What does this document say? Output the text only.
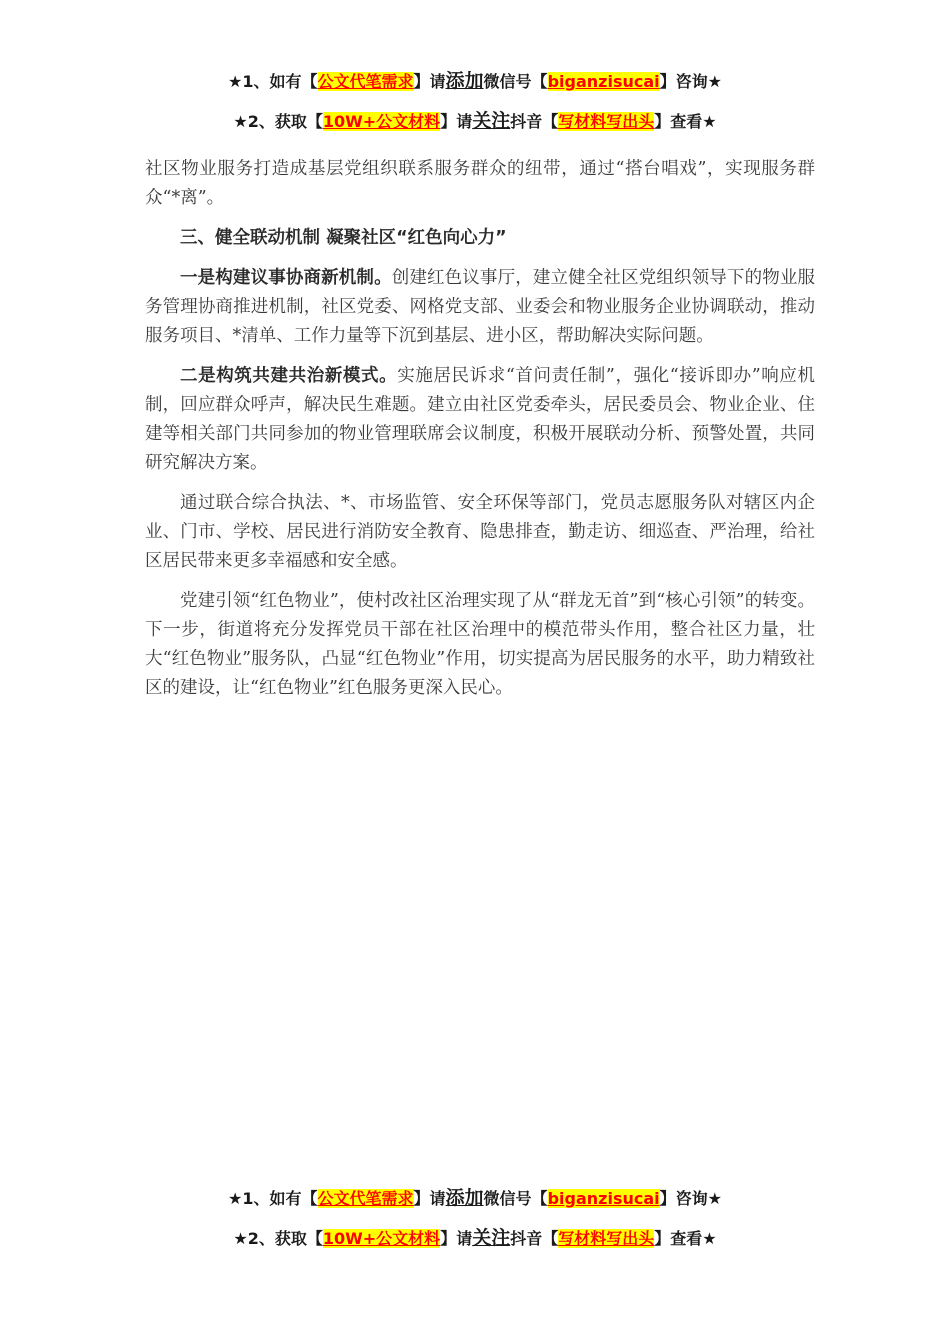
★1、如有【公文代笔需求】请添加微信号【biganzisucai】咨询★
★2、获取【10W+公文材料】请关注抖音【写材料写出头】查看★

社区物业服务打造成基层党组织联系服务群众的纽带，通过“搭台唱戏”，实现服务群众“*离”。

三、健全联动机制 凝聚社区“红色向心力”

一是构建议事协商新机制。创建红色议事厅，建立健全社区党组织领导下的物业服务管理协商推进机制，社区党委、网格党支部、业委会和物业服务企业协调联动，推动服务项目、*清单、工作力量等下沉到基层、进小区，帮助解决实际问题。

二是构筑共建共治新模式。实施居民诉求“首问责任制”，强化“接诉即办”响应机制，回应群众呼声，解决民生难题。建立由社区党委牵头，居民委员会、物业企业、住建等相关部门共同参加的物业管理联席会议制度，积极开展联动分析、预警处置，共同研究解决方案。

通过联合综合执法、*、市场监管、安全环保等部门，党员志愿服务队对辖区内企业、门市、学校、居民进行消防安全教育、隐患排查，勤走访、细巡查、严治理，给社区居民带来更多幸福感和安全感。

党建引领“红色物业”，使村改社区治理实现了从“群龙无首”到“核心引领”的转变。下一步，街道将充分发挥党员干部在社区治理中的模范带头作用，整合社区力量，壮大“红色物业”服务队，凸显“红色物业”作用，切实提高为居民服务的水平，助力精致社区的建设，让“红色物业”红色服务更深入民心。

★1、如有【公文代笔需求】请添加微信号【biganzisucai】咨询★
★2、获取【10W+公文材料】请关注抖音【写材料写出头】查看★
